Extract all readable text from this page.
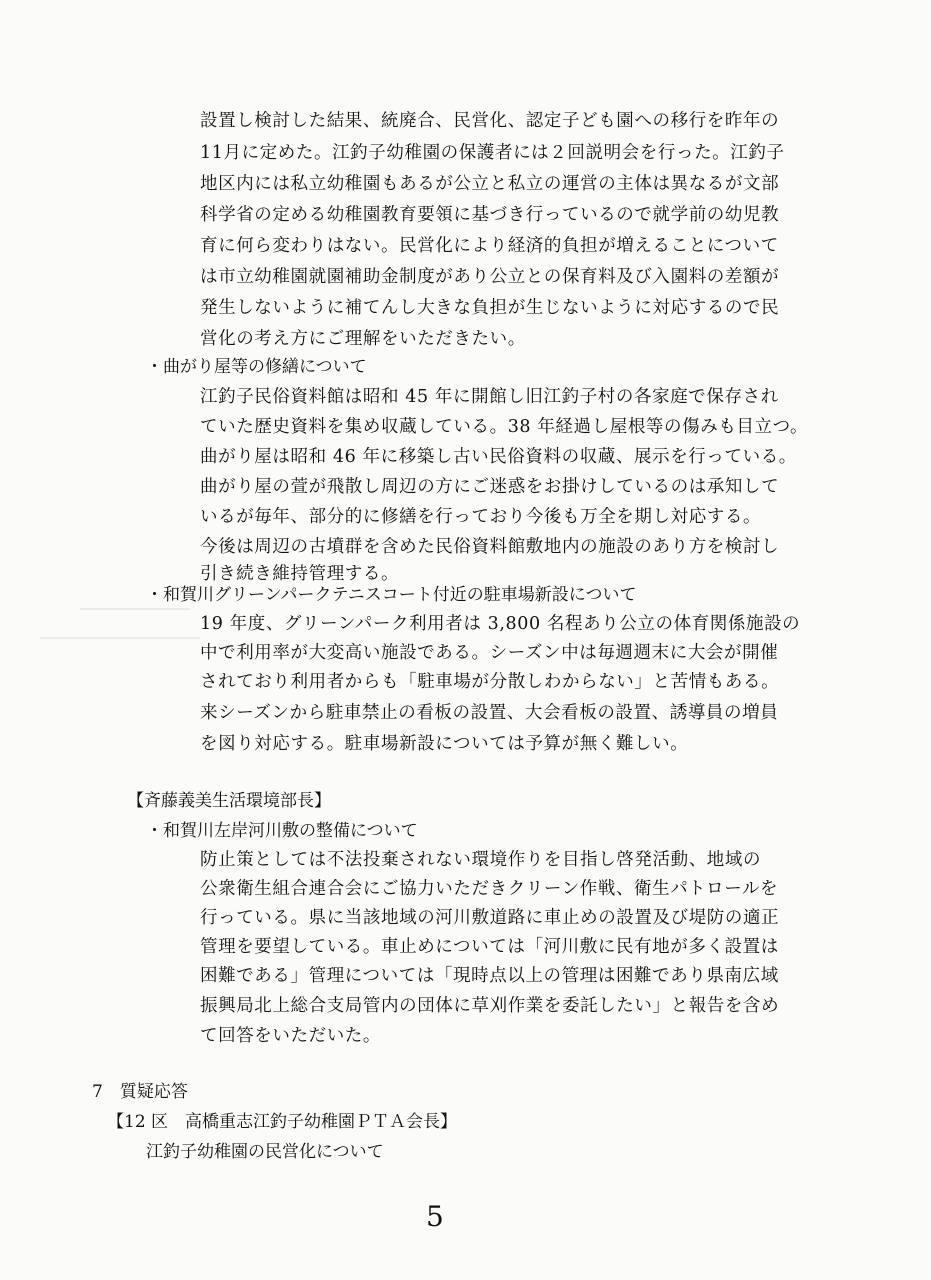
設置し検討した結果、統廃合、民営化、認定子ども園への移行を昨年の
11月に定めた。江釣子幼稚園の保護者には２回説明会を行った。江釣子
地区内には私立幼稚園もあるが公立と私立の運営の主体は異なるが文部
科学省の定める幼稚園教育要領に基づき行っているので就学前の幼児教
育に何ら変わりはない。民営化により経済的負担が増えることについて
は市立幼稚園就園補助金制度があり公立との保育料及び入園料の差額が
発生しないように補てんし大きな負担が生じないように対応するので民
営化の考え方にご理解をいただきたい。
・曲がり屋等の修繕について
江釣子民俗資料館は昭和 45 年に開館し旧江釣子村の各家庭で保存され
ていた歴史資料を集め収蔵している。38 年経過し屋根等の傷みも目立つ。
曲がり屋は昭和 46 年に移築し古い民俗資料の収蔵、展示を行っている。
曲がり屋の萱が飛散し周辺の方にご迷惑をお掛けしているのは承知して
いるが毎年、部分的に修繕を行っており今後も万全を期し対応する。
今後は周辺の古墳群を含めた民俗資料館敷地内の施設のあり方を検討し
引き続き維持管理する。
・和賀川グリーンパークテニスコート付近の駐車場新設について
19 年度、グリーンパーク利用者は 3,800 名程あり公立の体育関係施設の
中で利用率が大変高い施設である。シーズン中は毎週週末に大会が開催
されており利用者からも「駐車場が分散しわからない」と苦情もある。
来シーズンから駐車禁止の看板の設置、大会看板の設置、誘導員の増員
を図り対応する。駐車場新設については予算が無く難しい。
【斉藤義美生活環境部長】
・和賀川左岸河川敷の整備について
防止策としては不法投棄されない環境作りを目指し啓発活動、地域の
公衆衛生組合連合会にご協力いただきクリーン作戦、衛生パトロールを
行っている。県に当該地域の河川敷道路に車止めの設置及び堤防の適正
管理を要望している。車止めについては「河川敷に民有地が多く設置は
困難である」管理については「現時点以上の管理は困難であり県南広域
振興局北上総合支局管内の団体に草刈作業を委託したい」と報告を含め
て回答をいただいた。
7　質疑応答
【12 区　高橋重志江釣子幼稚園ＰＴＡ会長】
江釣子幼稚園の民営化について
5
